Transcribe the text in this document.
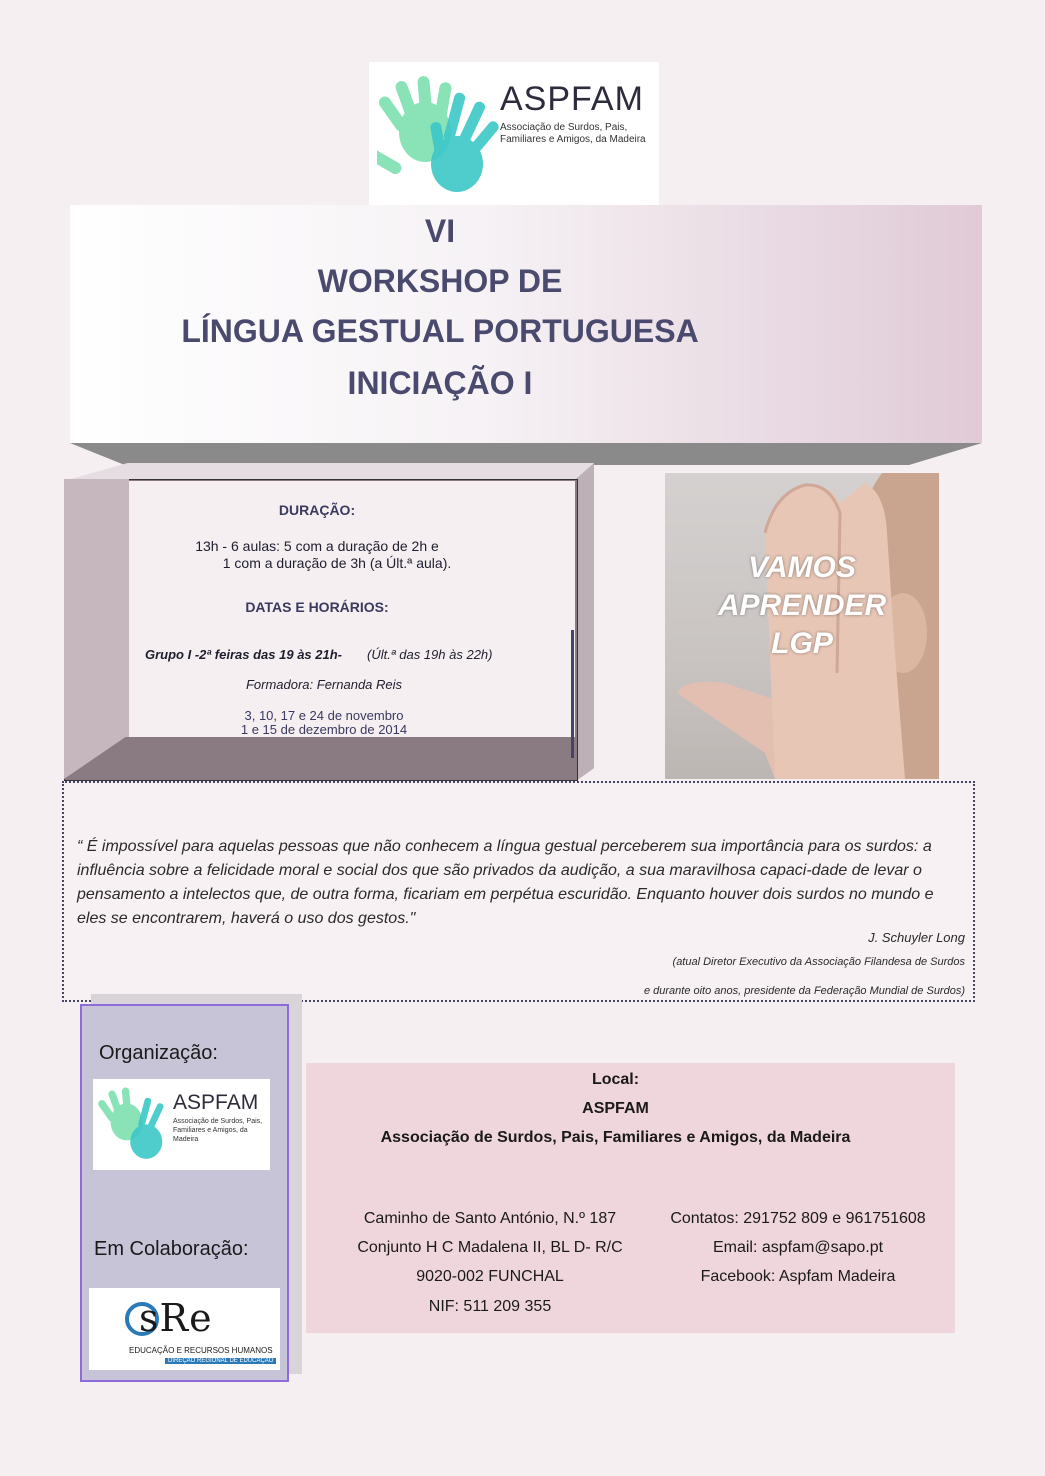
ASPFAM
Associação de Surdos, Pais, Familiares e Amigos, da Madeira
VI
WORKSHOP DE
LÍNGUA GESTUAL PORTUGUESA
INICIAÇÃO I
DURAÇÃO:
13h - 6 aulas: 5 com a duração de 2h e
1 com a duração de 3h (a Últ.ª aula).
DATAS E HORÁRIOS:
Grupo I -2ª feiras das 19 às 21h- (Últ.ª das 19h às 22h)
Formadora: Fernanda Reis
3, 10, 17 e 24 de novembro
1 e 15 de dezembro de 2014
VAMOS
APRENDER
LGP
“ É impossível para aquelas pessoas que não conhecem a língua gestual perceberem sua importância para os surdos: a influência sobre a felicidade moral e social dos que são privados da audição, a sua maravilhosa capaci-dade de levar o pensamento a intelectos que, de outra forma, ficariam em perpétua escuridão. Enquanto houver dois surdos no mundo e eles se encontrarem, haverá o uso dos gestos."
J. Schuyler Long
(atual Diretor Executivo da Associação Filandesa de Surdos
e durante oito anos, presidente da Federação Mundial de Surdos)
Organização:
ASPFAM
Associação de Surdos, Pais, Familiares e Amigos, da Madeira
Em Colaboração:
sRe
EDUCAÇÃO E RECURSOS HUMANOS
DIREÇÃO REGIONAL DE EDUCAÇÃO
Local:
ASPFAM
Associação de Surdos, Pais, Familiares e Amigos, da Madeira
Caminho de Santo António, N.º 187
Conjunto H C Madalena II, BL D- R/C
9020-002 FUNCHAL
NIF: 511 209 355
Contatos: 291752 809 e 961751608
Email: aspfam@sapo.pt
Facebook: Aspfam Madeira
